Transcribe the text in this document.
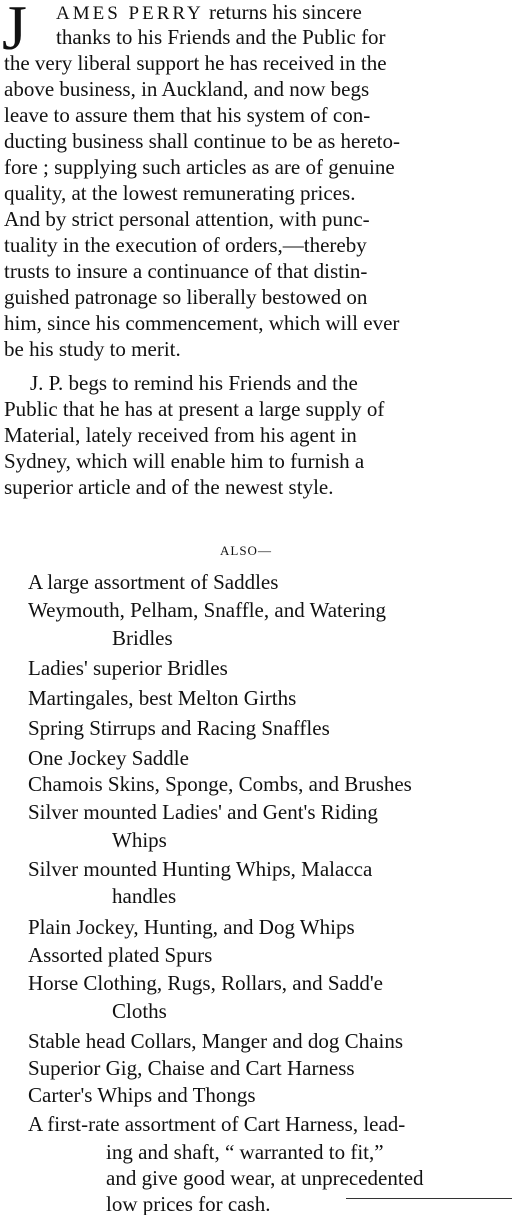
J AMES PERRY returns his sincere
thanks to his Friends and the Public for
the very liberal support he has received in the
above business, in Auckland, and now begs
leave to assure them that his system of con-
ducting business shall continue to be as hereto-
fore ; supplying such articles as are of genuine
quality, at the lowest remunerating prices.
And by strict personal attention, with punc-
tuality in the execution of orders,—thereby
trusts to insure a continuance of that distin-
guished patronage so liberally bestowed on
him, since his commencement, which will ever
be his study to merit.
J. P. begs to remind his Friends and the
Public that he has at present a large supply of
Material, lately received from his agent in
Sydney, which will enable him to furnish a
superior article and of the newest style.
ALSO—
A large assortment of Saddles
Weymouth, Pelham, Snaffle, and Watering
Bridles
Ladies' superior Bridles
Martingales, best Melton Girths
Spring Stirrups and Racing Snaffles
One Jockey Saddle
Chamois Skins, Sponge, Combs, and Brushes
Silver mounted Ladies' and Gent's Riding
Whips
Silver mounted Hunting Whips, Malacca
handles
Plain Jockey, Hunting, and Dog Whips
Assorted plated Spurs
Horse Clothing, Rugs, Rollars, and Sadd'e
Cloths
Stable head Collars, Manger and dog Chains
Superior Gig, Chaise and Cart Harness
Carter's Whips and Thongs
A first-rate assortment of Cart Harness, lead-
ing and shaft, “ warranted to fit,”
and give good wear, at unprecedented
low prices for cash.
